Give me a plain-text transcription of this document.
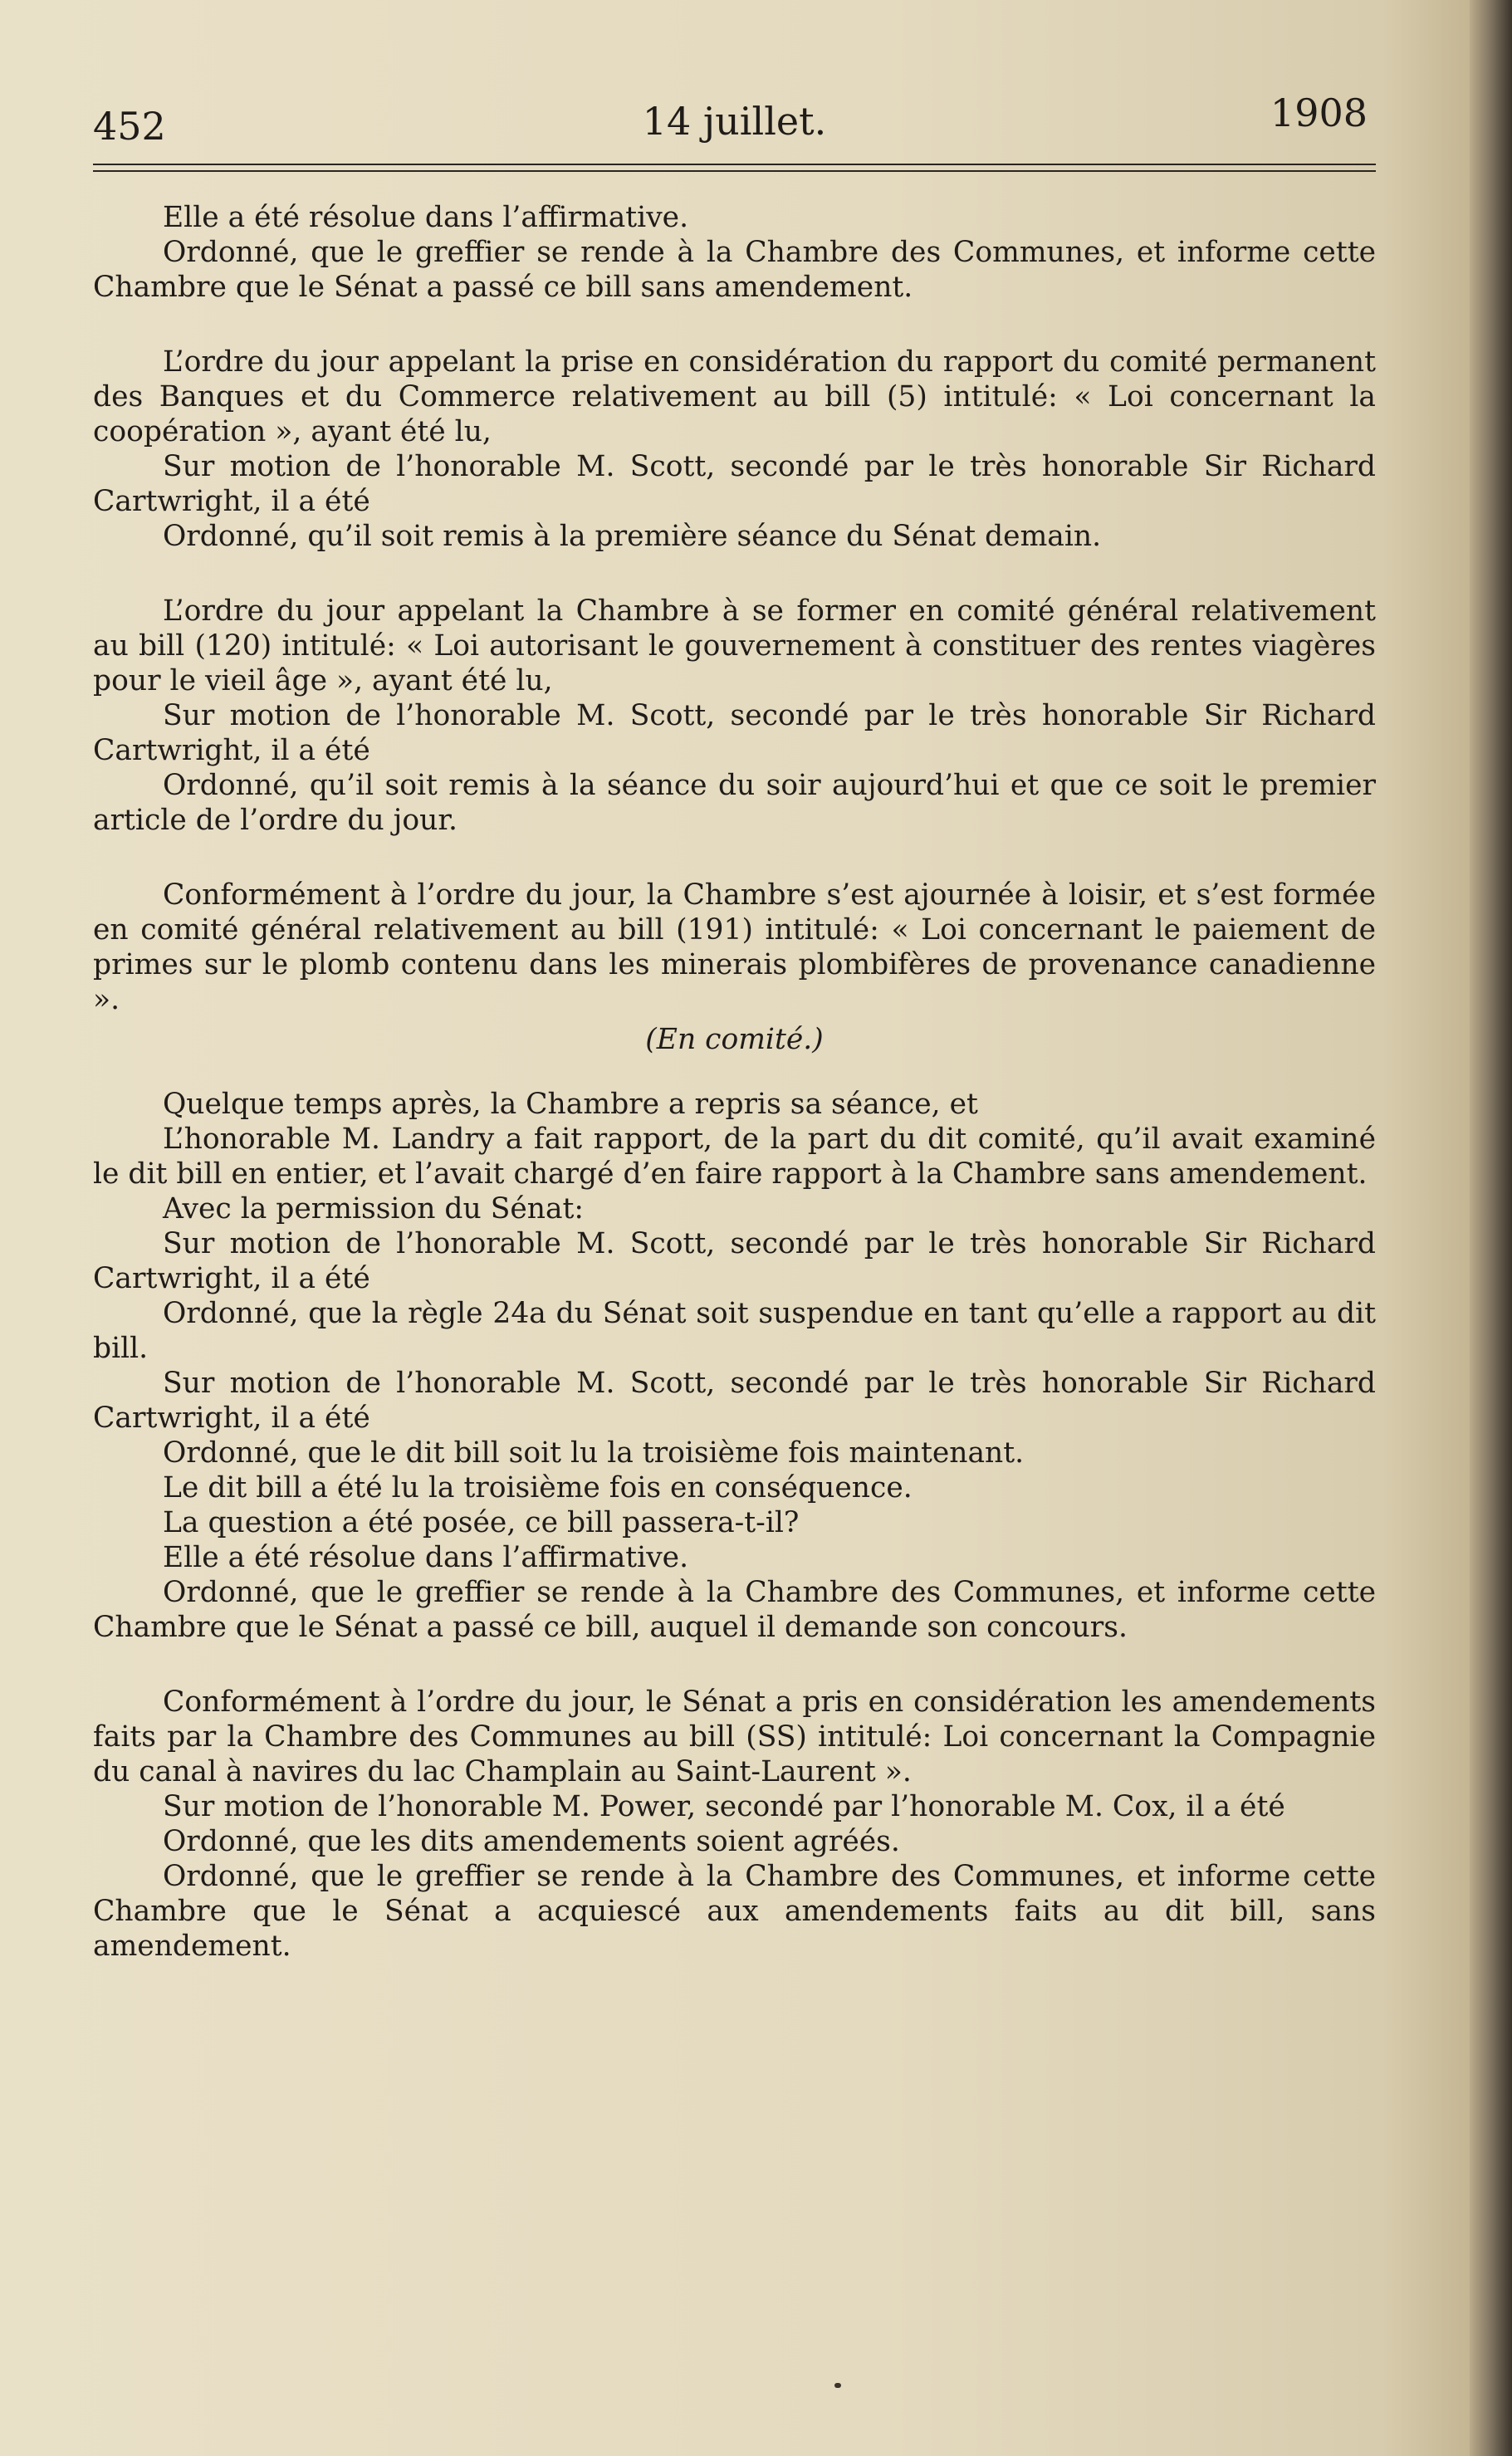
452	14 juillet.	1908

Elle a été résolue dans l’affirmative.

Ordonné, que le greffier se rende à la Chambre des Communes, et informe cette Chambre que le Sénat a passé ce bill sans amendement.

L’ordre du jour appelant la prise en considération du rapport du comité permanent des Banques et du Commerce relativement au bill (5) intitulé: « Loi concernant la coopération », ayant été lu,

Sur motion de l’honorable M. Scott, secondé par le très honorable Sir Richard Cartwright, il a été

Ordonné, qu’il soit remis à la première séance du Sénat demain.

L’ordre du jour appelant la Chambre à se former en comité général relativement au bill (120) intitulé: « Loi autorisant le gouvernement à constituer des rentes viagères pour le vieil âge », ayant été lu,

Sur motion de l’honorable M. Scott, secondé par le très honorable Sir Richard Cartwright, il a été

Ordonné, qu’il soit remis à la séance du soir aujourd’hui et que ce soit le premier article de l’ordre du jour.

Conformément à l’ordre du jour, la Chambre s’est ajournée à loisir, et s’est formée en comité général relativement au bill (191) intitulé: « Loi concernant le paiement de primes sur le plomb contenu dans les minerais plombifères de provenance canadienne ».

(En comité.)

Quelque temps après, la Chambre a repris sa séance, et

L’honorable M. Landry a fait rapport, de la part du dit comité, qu’il avait examiné le dit bill en entier, et l’avait chargé d’en faire rapport à la Chambre sans amendement.

Avec la permission du Sénat:

Sur motion de l’honorable M. Scott, secondé par le très honorable Sir Richard Cartwright, il a été

Ordonné, que la règle 24a du Sénat soit suspendue en tant qu’elle a rapport au dit bill.

Sur motion de l’honorable M. Scott, secondé par le très honorable Sir Richard Cartwright, il a été

Ordonné, que le dit bill soit lu la troisième fois maintenant.

Le dit bill a été lu la troisième fois en conséquence.

La question a été posée, ce bill passera-t-il?

Elle a été résolue dans l’affirmative.

Ordonné, que le greffier se rende à la Chambre des Communes, et informe cette Chambre que le Sénat a passé ce bill, auquel il demande son concours.

Conformément à l’ordre du jour, le Sénat a pris en considération les amendements faits par la Chambre des Communes au bill (SS) intitulé: Loi concernant la Compagnie du canal à navires du lac Champlain au Saint-Laurent ».

Sur motion de l’honorable M. Power, secondé par l’honorable M. Cox, il a été

Ordonné, que les dits amendements soient agréés.

Ordonné, que le greffier se rende à la Chambre des Communes, et informe cette Chambre que le Sénat a acquiescé aux amendements faits au dit bill, sans amendement.
